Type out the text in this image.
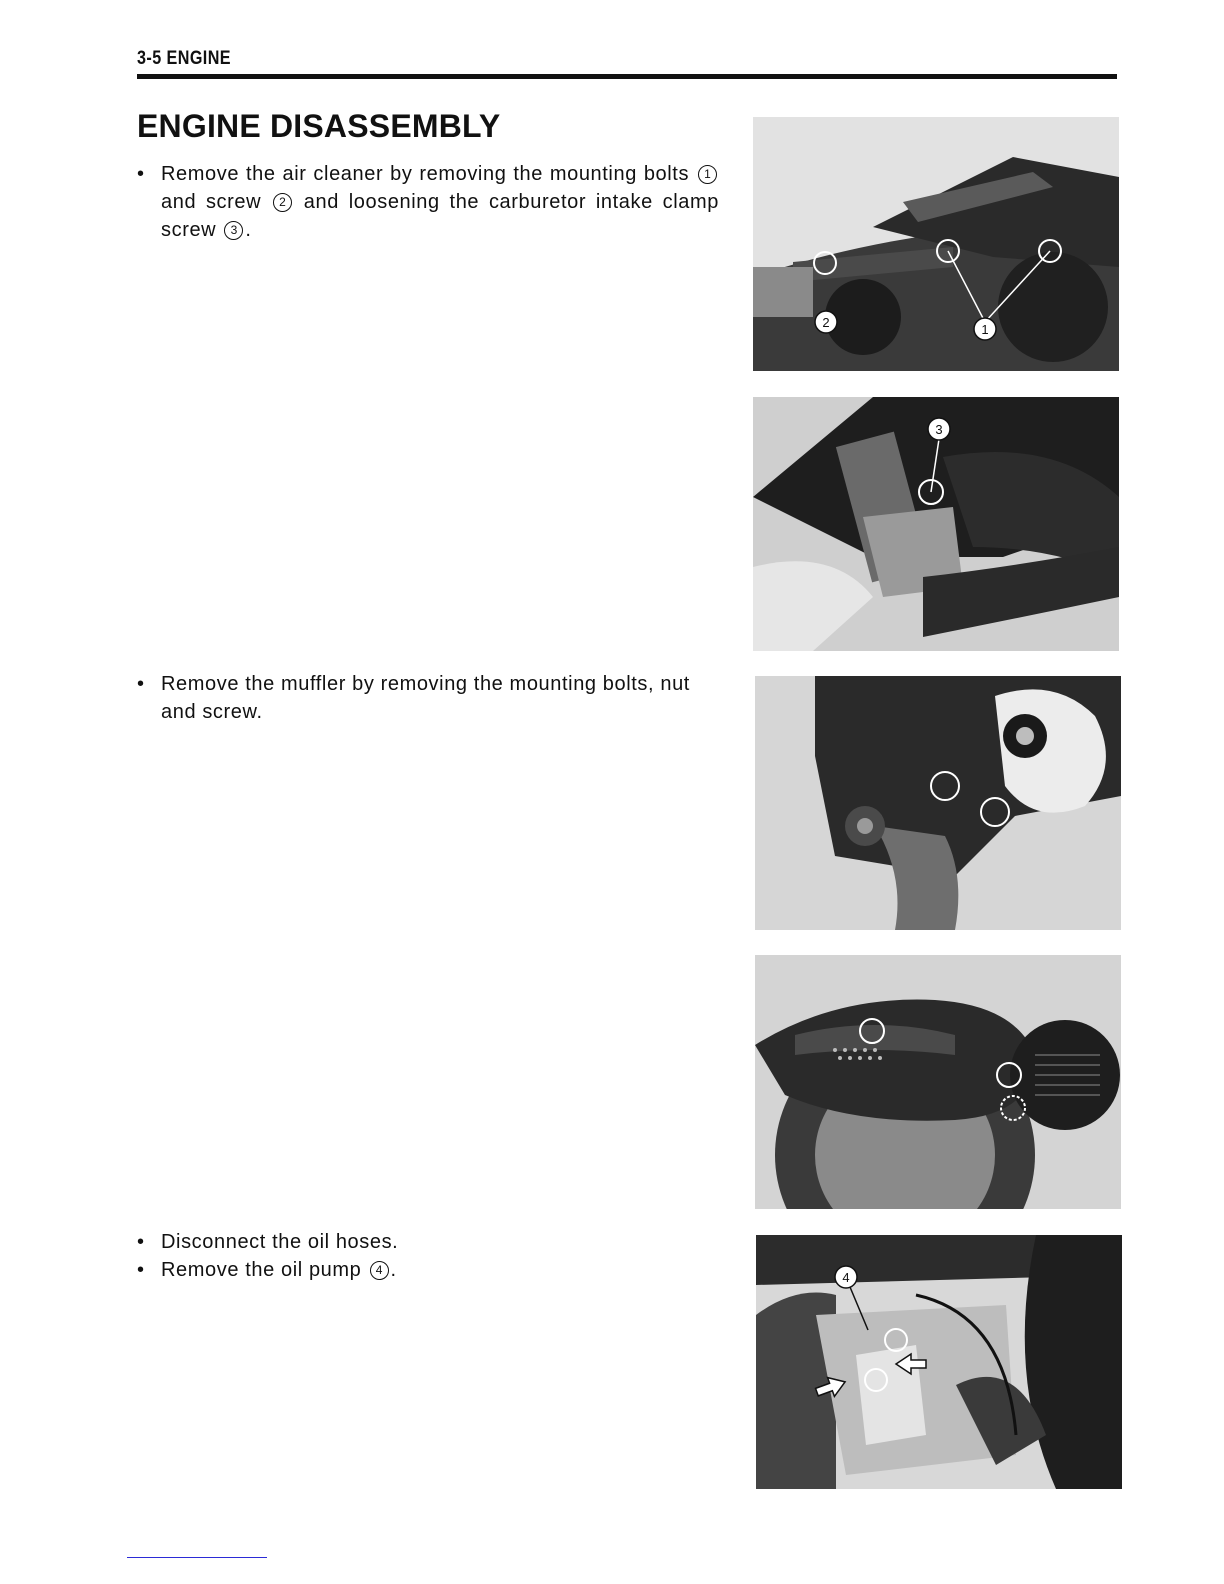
3-5 ENGINE
ENGINE DISASSEMBLY
• Remove the air cleaner by removing the mounting bolts 1 and screw 2 and loosening the carburetor intake clamp screw 3 .
• Remove the muffler by removing the mounting bolts, nut and screw.
• Disconnect the oil hoses.
• Remove the oil pump 4 .
2	1
3
4
